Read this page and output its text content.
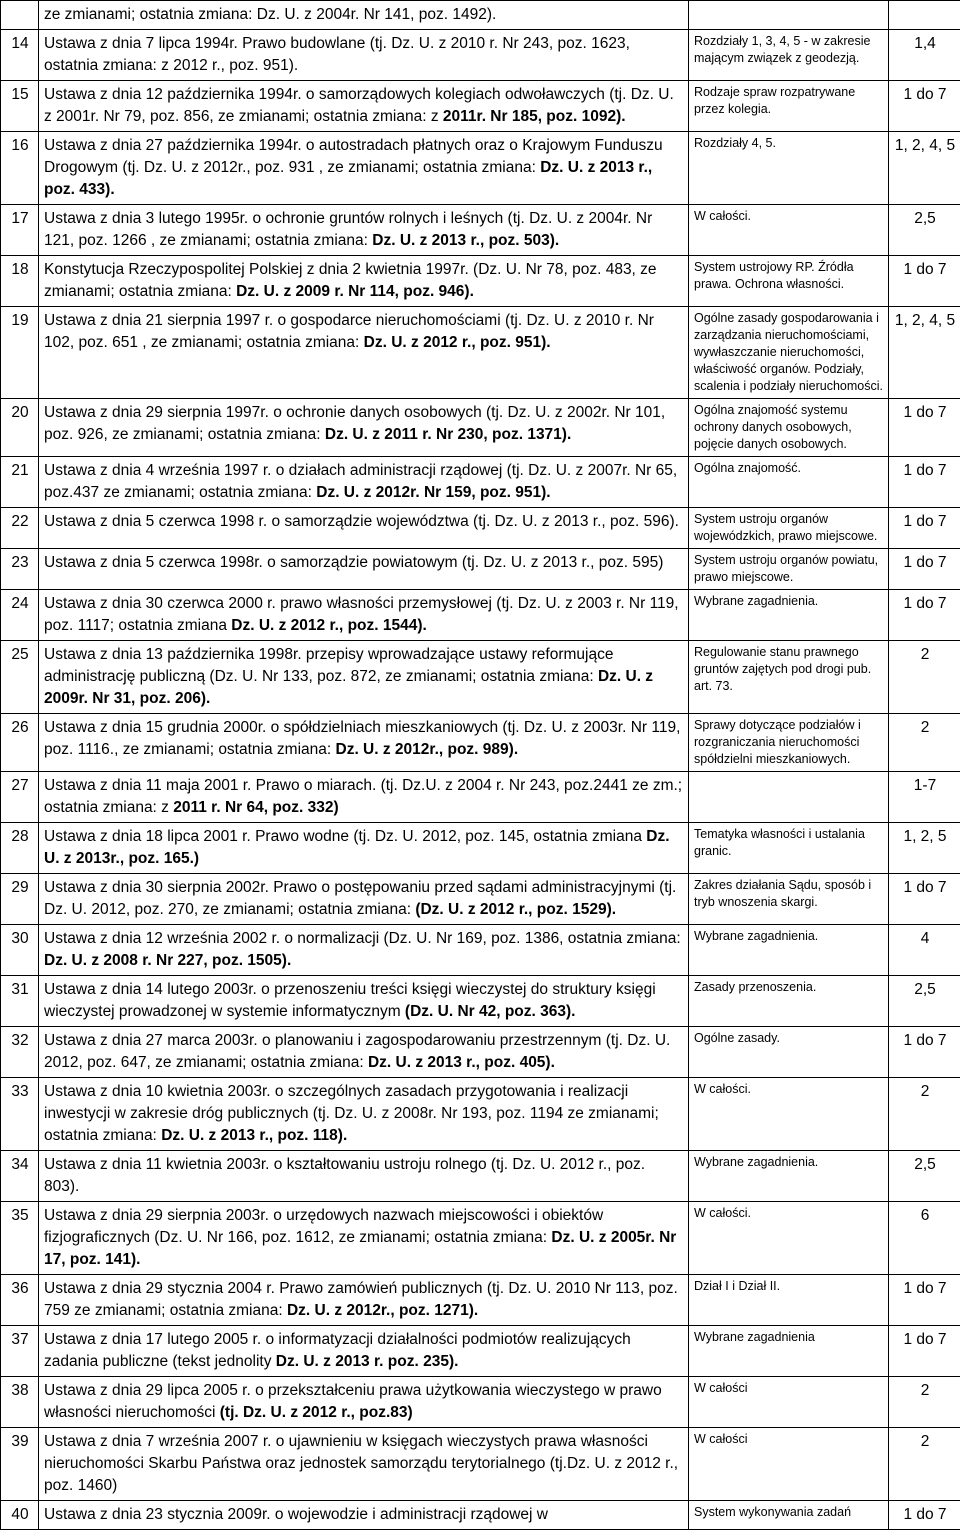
	ze zmianami; ostatnia zmiana: Dz. U. z 2004r. Nr 141, poz. 1492).		
14	Ustawa z dnia 7 lipca 1994r. Prawo budowlane (tj. Dz. U. z 2010 r. Nr 243, poz. 1623, ostatnia zmiana: z 2012 r., poz. 951).	Rozdziały 1, 3, 4, 5 - w zakresie mającym związek z geodezją.	1,4
15	Ustawa z dnia 12 października 1994r. o samorządowych kolegiach odwoławczych (tj. Dz. U. z 2001r. Nr 79, poz. 856, ze zmianami; ostatnia zmiana: z 2011r. Nr 185, poz. 1092).	Rodzaje spraw rozpatrywane przez kolegia.	1 do 7
16	Ustawa z dnia 27 października 1994r. o autostradach płatnych oraz o Krajowym Funduszu Drogowym (tj. Dz. U. z 2012r., poz. 931 , ze zmianami; ostatnia zmiana: Dz. U. z 2013 r., poz. 433).	Rozdziały 4, 5.	1, 2, 4, 5
17	Ustawa z dnia 3 lutego 1995r. o ochronie gruntów rolnych i leśnych (tj. Dz. U. z 2004r. Nr 121, poz. 1266 , ze zmianami; ostatnia zmiana: Dz. U. z 2013 r., poz. 503).	W całości.	2,5
18	Konstytucja Rzeczypospolitej Polskiej z dnia 2 kwietnia 1997r. (Dz. U. Nr 78, poz. 483, ze zmianami; ostatnia zmiana: Dz. U. z 2009 r. Nr 114, poz. 946).	System ustrojowy RP. Źródła prawa. Ochrona własności.	1 do 7
19	Ustawa z dnia 21 sierpnia 1997 r. o gospodarce nieruchomościami (tj. Dz. U. z 2010 r. Nr 102, poz. 651 , ze zmianami; ostatnia zmiana: Dz. U. z 2012 r., poz. 951).	Ogólne zasady gospodarowania i zarządzania nieruchomościami, wywłaszczanie nieruchomości, właściwość organów. Podziały, scalenia i podziały nieruchomości.	1, 2, 4, 5
20	Ustawa z dnia 29 sierpnia 1997r. o ochronie danych osobowych (tj. Dz. U. z 2002r. Nr 101, poz. 926, ze zmianami; ostatnia zmiana: Dz. U. z 2011 r. Nr 230, poz. 1371).	Ogólna znajomość systemu ochrony danych osobowych, pojęcie danych osobowych.	1 do 7
21	Ustawa z dnia 4 września 1997 r. o działach administracji rządowej (tj. Dz. U. z 2007r. Nr 65, poz.437 ze zmianami; ostatnia zmiana: Dz. U. z 2012r. Nr 159, poz. 951).	Ogólna znajomość.	1 do 7
22	Ustawa z dnia 5 czerwca 1998 r. o samorządzie województwa (tj. Dz. U. z 2013 r., poz. 596).	System ustroju organów wojewódzkich, prawo miejscowe.	1 do 7
23	Ustawa z dnia 5 czerwca 1998r. o samorządzie powiatowym (tj. Dz. U. z 2013 r., poz. 595)	System ustroju organów powiatu, prawo miejscowe.	1 do 7
24	Ustawa z dnia 30 czerwca 2000 r. prawo własności przemysłowej (tj. Dz. U. z 2003 r. Nr 119, poz. 1117; ostatnia zmiana Dz. U. z 2012 r., poz. 1544).	Wybrane zagadnienia.	1 do 7
25	Ustawa z dnia 13 października 1998r. przepisy wprowadzające ustawy reformujące administrację publiczną (Dz. U. Nr 133, poz. 872, ze zmianami; ostatnia zmiana: Dz. U. z 2009r. Nr 31, poz. 206).	Regulowanie stanu prawnego gruntów zajętych pod drogi pub. art. 73.	2
26	Ustawa z dnia 15 grudnia 2000r. o spółdzielniach mieszkaniowych (tj. Dz. U. z 2003r. Nr 119, poz. 1116., ze zmianami; ostatnia zmiana: Dz. U. z 2012r., poz. 989).	Sprawy dotyczące podziałów i rozgraniczania nieruchomości spółdzielni mieszkaniowych.	2
27	Ustawa z dnia 11 maja 2001 r. Prawo o miarach. (tj. Dz.U. z 2004 r. Nr 243, poz.2441 ze zm.; ostatnia zmiana: z 2011 r. Nr 64, poz. 332)		1-7
28	Ustawa z dnia 18 lipca 2001 r. Prawo wodne (tj. Dz. U. 2012, poz. 145, ostatnia zmiana Dz. U. z 2013r., poz. 165.)	Tematyka własności i ustalania granic.	1, 2, 5
29	Ustawa z dnia 30 sierpnia 2002r. Prawo o postępowaniu przed sądami administracyjnymi (tj. Dz. U. 2012, poz. 270, ze zmianami; ostatnia zmiana: (Dz. U. z 2012 r., poz. 1529).	Zakres działania Sądu, sposób i tryb wnoszenia skargi.	1 do 7
30	Ustawa z dnia 12 września 2002 r. o normalizacji (Dz. U. Nr 169, poz. 1386, ostatnia zmiana: Dz. U. z 2008 r. Nr 227, poz. 1505).	Wybrane zagadnienia.	4
31	Ustawa z dnia 14 lutego 2003r. o przenoszeniu treści księgi wieczystej do struktury księgi wieczystej prowadzonej w systemie informatycznym (Dz. U. Nr 42, poz. 363).	Zasady przenoszenia.	2,5
32	Ustawa z dnia 27 marca 2003r. o planowaniu i zagospodarowaniu przestrzennym (tj. Dz. U. 2012, poz. 647, ze zmianami; ostatnia zmiana: Dz. U. z 2013 r., poz. 405).	Ogólne zasady.	1 do 7
33	Ustawa z dnia 10 kwietnia 2003r. o szczególnych zasadach przygotowania i realizacji inwestycji w zakresie dróg publicznych (tj. Dz. U. z 2008r. Nr 193, poz. 1194 ze zmianami; ostatnia zmiana: Dz. U. z 2013 r., poz. 118).	W całości.	2
34	Ustawa z dnia 11 kwietnia 2003r. o kształtowaniu ustroju rolnego (tj. Dz. U. 2012 r., poz. 803).	Wybrane zagadnienia.	2,5
35	Ustawa z dnia 29 sierpnia 2003r. o urzędowych nazwach miejscowości i obiektów fizjograficznych (Dz. U. Nr 166, poz. 1612, ze zmianami; ostatnia zmiana: Dz. U. z 2005r. Nr 17, poz. 141).	W całości.	6
36	Ustawa z dnia 29 stycznia 2004 r. Prawo zamówień publicznych (tj. Dz. U. 2010 Nr 113, poz. 759 ze zmianami; ostatnia zmiana: Dz. U. z 2012r., poz. 1271).	Dział I i Dział II.	1 do 7
37	Ustawa z dnia 17 lutego 2005 r. o informatyzacji działalności podmiotów realizujących zadania publiczne (tekst jednolity Dz. U. z 2013 r. poz. 235).	Wybrane zagadnienia	1 do 7
38	Ustawa z dnia 29 lipca 2005 r. o przekształceniu prawa użytkowania wieczystego w prawo własności nieruchomości (tj. Dz. U. z 2012 r., poz.83)	W całości	2
39	Ustawa z dnia 7 września 2007 r. o ujawnieniu w księgach wieczystych prawa własności nieruchomości Skarbu Państwa oraz jednostek samorządu terytorialnego (tj.Dz. U. z 2012 r., poz. 1460)	W całości	2
40	Ustawa z dnia 23 stycznia 2009r. o wojewodzie i administracji rządowej w	System wykonywania zadań	1 do 7
